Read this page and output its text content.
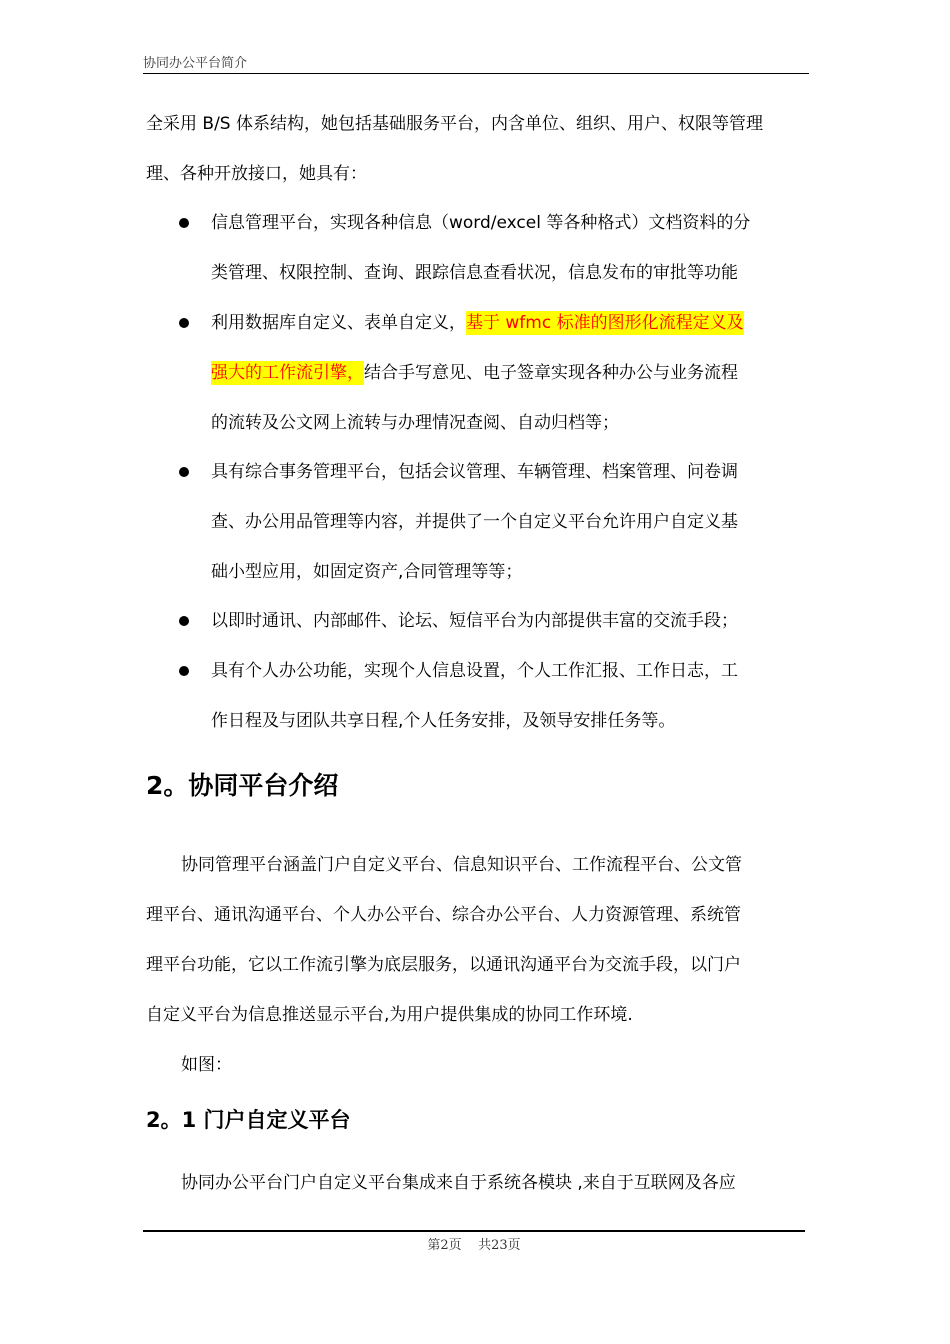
协同办公平台简介
全采用 B/S 体系结构，她包括基础服务平台，内含单位、组织、用户、权限等管理
理、各种开放接口，她具有：
信息管理平台，实现各种信息（word/excel 等各种格式）文档资料的分
类管理、权限控制、查询、跟踪信息查看状况，信息发布的审批等功能
利用数据库自定义、表单自定义，基于 wfmc 标准的图形化流程定义及
强大的工作流引擎，结合手写意见、电子签章实现各种办公与业务流程
的流转及公文网上流转与办理情况查阅、自动归档等；
具有综合事务管理平台，包括会议管理、车辆管理、档案管理、问卷调
查、办公用品管理等内容，并提供了一个自定义平台允许用户自定义基
础小型应用，如固定资产,合同管理等等；
以即时通讯、内部邮件、论坛、短信平台为内部提供丰富的交流手段；
具有个人办公功能，实现个人信息设置，个人工作汇报、工作日志，工
作日程及与团队共享日程,个人任务安排，及领导安排任务等。
2。协同平台介绍
协同管理平台涵盖门户自定义平台、信息知识平台、工作流程平台、公文管
理平台、通讯沟通平台、个人办公平台、综合办公平台、人力资源管理、系统管
理平台功能，它以工作流引擎为底层服务，以通讯沟通平台为交流手段，以门户
自定义平台为信息推送显示平台,为用户提供集成的协同工作环境.
如图：
2。1 门户自定义平台
协同办公平台门户自定义平台集成来自于系统各模块 ,来自于互联网及各应
第2页    共23页
